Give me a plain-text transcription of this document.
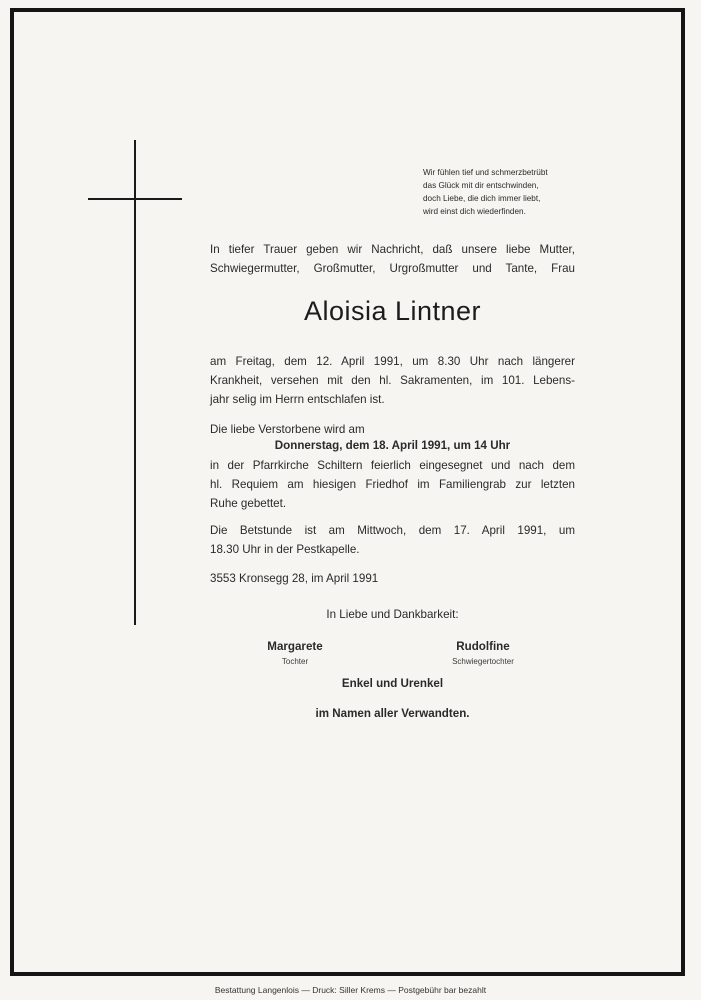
Wir fühlen tief und schmerzbetrübt
das Glück mit dir entschwinden,
doch Liebe, die dich immer liebt,
wird einst dich wiederfinden.
In tiefer Trauer geben wir Nachricht, daß unsere liebe Mutter,
Schwiegermutter, Großmutter, Urgroßmutter und Tante, Frau
Aloisia Lintner
am Freitag, dem 12. April 1991, um 8.30 Uhr nach längerer
Krankheit, versehen mit den hl. Sakramenten, im 101. Lebens-
jahr selig im Herrn entschlafen ist.
Die liebe Verstorbene wird am
Donnerstag, dem 18. April 1991, um 14 Uhr
in der Pfarrkirche Schiltern feierlich eingesegnet und nach dem
hl. Requiem am hiesigen Friedhof im Familiengrab zur letzten
Ruhe gebettet.
Die Betstunde ist am Mittwoch, dem 17. April 1991, um
18.30 Uhr in der Pestkapelle.
3553 Kronsegg 28, im April 1991
In Liebe und Dankbarkeit:
Margarete
Tochter
Rudolfine
Schwiegertochter
Enkel und Urenkel
im Namen aller Verwandten.
Bestattung Langenlois — Druck: Siller Krems — Postgebühr bar bezahlt
